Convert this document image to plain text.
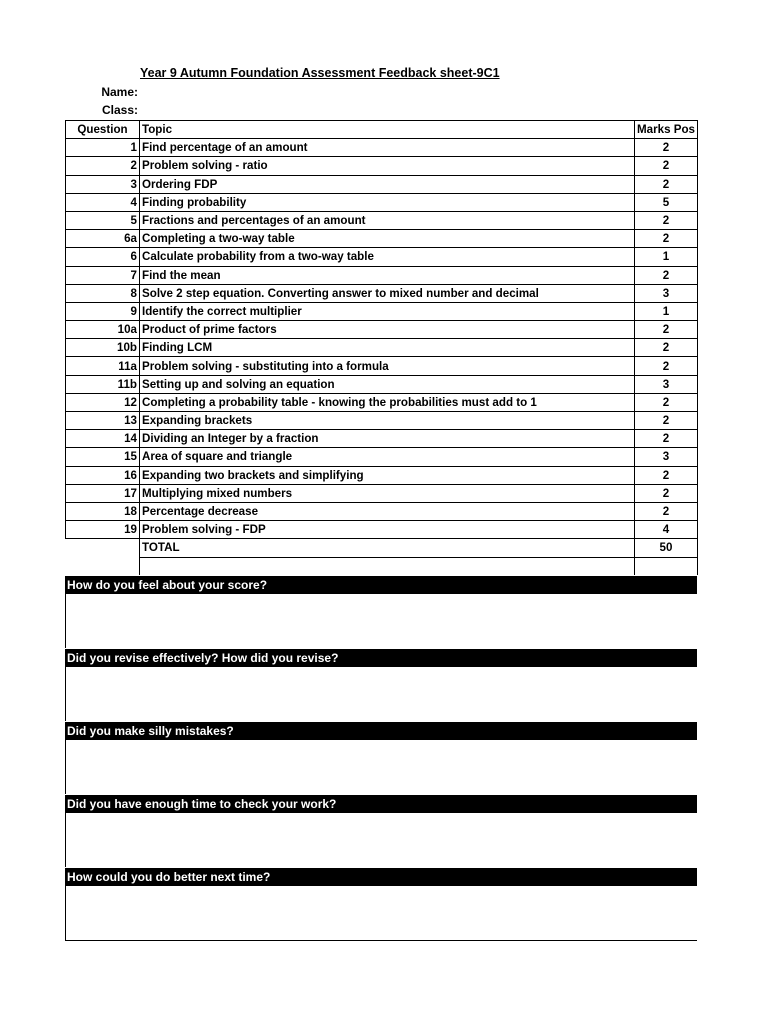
Year 9 Autumn Foundation Assessment Feedback sheet-9C1
Name:
Class:
Question	Topic	Marks Pos
1	Find percentage of an amount	2
2	Problem solving - ratio	2
3	Ordering FDP	2
4	Finding probability	5
5	Fractions and percentages of an amount	2
6a	Completing a two-way table	2
6	Calculate probability from a two-way table	1
7	Find the mean	2
8	Solve 2 step equation. Converting answer to mixed number and decimal	3
9	Identify the correct multiplier	1
10a	Product of prime factors	2
10b	Finding LCM	2
11a	Problem solving - substituting into a formula	2
11b	Setting up and solving an equation	3
12	Completing a probability table - knowing the probabilities must add to 1	2
13	Expanding brackets	2
14	Dividing an Integer by a fraction	2
15	Area of square and triangle	3
16	Expanding two brackets and simplifying	2
17	Multiplying mixed numbers	2
18	Percentage decrease	2
19	Problem solving - FDP	4
	TOTAL	50

How do you feel about your score?
Did you revise effectively? How did you revise?
Did you make silly mistakes?
Did you have enough time to check your work?
How could you do better next time?
